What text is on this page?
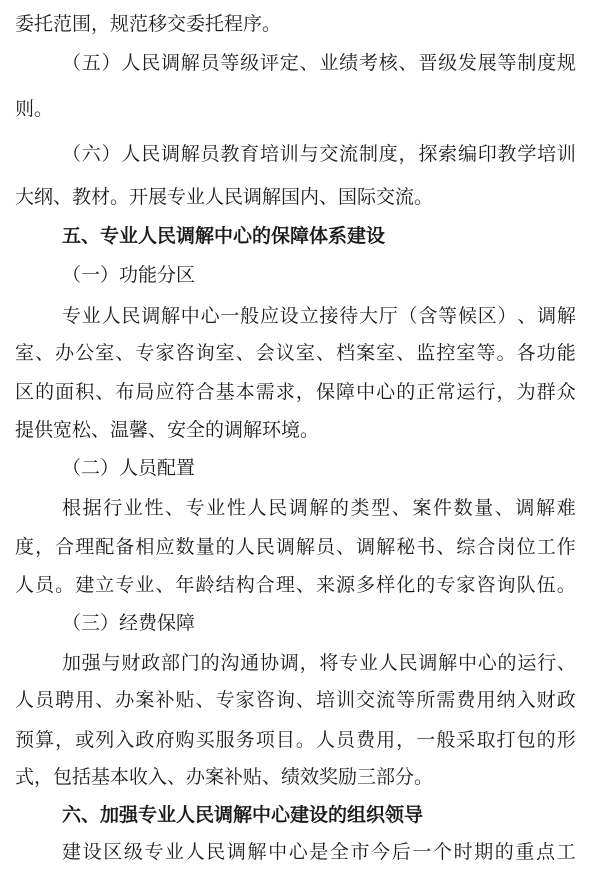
委托范围，规范移交委托程序。
（ 五 ） 人 民 调 解 员 等 级 评 定 、 业 绩 考 核 、 晋 级 发 展 等 制 度 规
则。
（ 六 ） 人 民 调 解 员 教 育 培 训 与 交 流 制 度 ， 探 索 编 印 教 学 培 训
大纲、教材。开展专业人民调解国内、国际交流。
五、专业人民调解中心的保障体系建设
（一）功能分区
专 业 人 民 调 解 中 心 一 般 应 设 立 接 待 大 厅 （ 含 等 候 区 ） 、 调 解
室 、 办 公 室 、 专 家 咨 询 室 、 会 议 室 、 档 案 室 、 监 控 室 等 。 各 功 能
区 的 面 积 、 布 局 应 符 合 基 本 需 求 ， 保 障 中 心 的 正 常 运 行 ， 为 群 众
提供宽松、温馨、安全的调解环境。
（二）人员配置
根 据 行 业 性 、 专 业 性 人 民 调 解 的 类 型 、 案 件 数 量 、 调 解 难
度 ， 合 理 配 备 相 应 数 量 的 人 民 调 解 员 、 调 解 秘 书 、 综 合 岗 位 工 作
人 员 。 建 立 专 业 、 年 龄 结 构 合 理 、 来 源 多 样 化 的 专 家 咨 询 队 伍 。
（三）经费保障
加 强 与 财 政 部 门 的 沟 通 协 调 ， 将 专 业 人 民 调 解 中 心 的 运 行 、
人 员 聘 用 、 办 案 补 贴 、 专 家 咨 询 、 培 训 交 流 等 所 需 费 用 纳 入 财 政
预 算 ， 或 列 入 政 府 购 买 服 务 项 目 。 人 员 费 用 ， 一 般 采 取 打 包 的 形
式，包括基本收入、办案补贴、绩效奖励三部分。
六、加强专业人民调解中心建设的组织领导
建 设 区 级 专 业 人 民 调 解 中 心 是 全 市 今 后 一 个 时 期 的 重 点 工
